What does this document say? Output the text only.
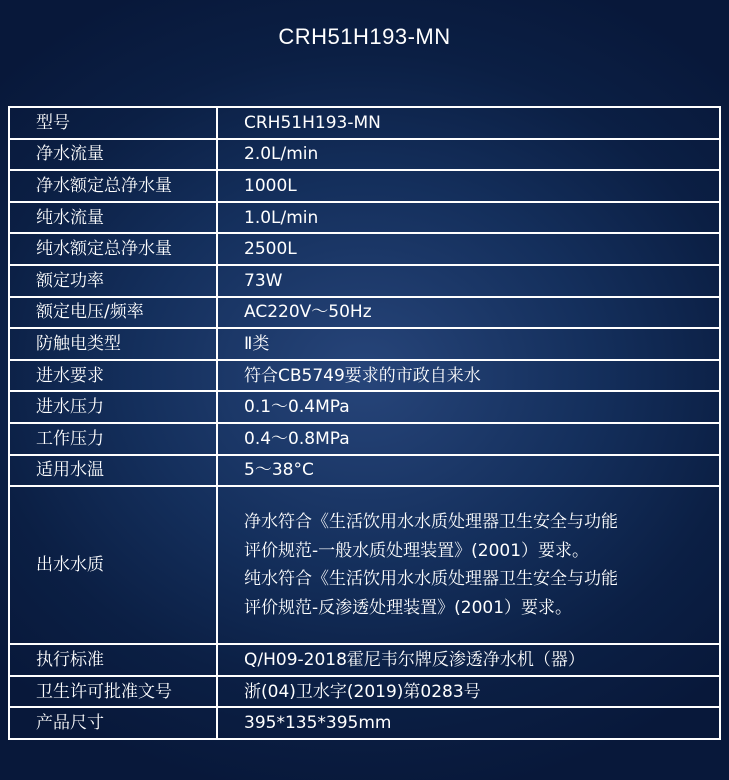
CRH51H193-MN
型号	CRH51H193-MN
净水流量	2.0L/min
净水额定总净水量	1000L
纯水流量	1.0L/min
纯水额定总净水量	2500L
额定功率	73W
额定电压/频率	AC220V～50Hz
防触电类型	Ⅱ类
进水要求	符合CB5749要求的市政自来水
进水压力	0.1～0.4MPa
工作压力	0.4～0.8MPa
适用水温	5～38°C
出水水质	净水符合《生活饮用水水质处理器卫生安全与功能
评价规范-一般水质处理装置》(2001）要求。
纯水符合《生活饮用水水质处理器卫生安全与功能
评价规范-反渗透处理装置》(2001）要求。

执行标准	Q/H09-2018霍尼韦尔牌反渗透净水机（器）
卫生许可批准文号	浙(04)卫水字(2019)第0283号
产品尺寸	395*135*395mm
